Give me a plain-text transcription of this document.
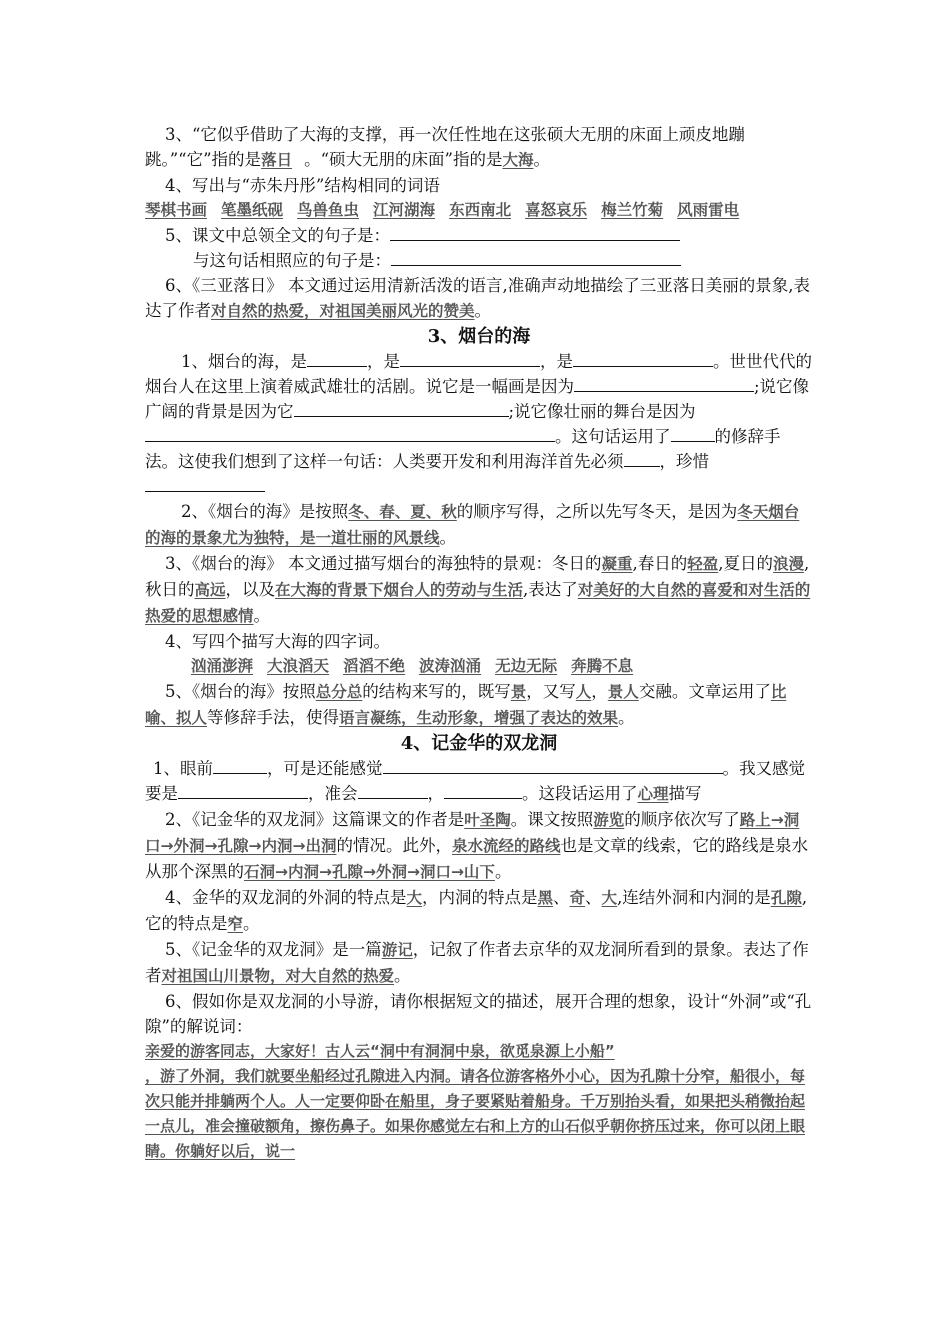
3、“它似乎借助了大海的支撑，再一次任性地在这张硕大无朋的床面上顽皮地蹦跳。”“它”指的是落日 。“硕大无朋的床面”指的是大海。

4、写出与“赤朱丹彤”结构相同的词语

琴棋书画 笔墨纸砚 鸟兽鱼虫 江河湖海 东西南北 喜怒哀乐 梅兰竹菊 风雨雷电

5、课文中总领全文的句子是：

与这句话相照应的句子是：

6、《三亚落日》 本文通过运用清新活泼的语言,准确声动地描绘了三亚落日美丽的景象,表达了作者对自然的热爱，对祖国美丽风光的赞美。

3、烟台的海

1、烟台的海，是	，是	，是	。世世代代的烟台人在这里上演着威武雄壮的活剧。说它是一幅画是因为	;说它像广阔的背景是因为它	;说它像壮丽的舞台是因为。这句话运用了	的修辞手法。这使我们想到了这样一句话：人类要开发和利用海洋首先必须 ，珍惜

2、《烟台的海》是按照冬、春、夏、秋的顺序写得，之所以先写冬天，是因为冬天烟台的海的景象尤为独特，是一道壮丽的风景线。

3、《烟台的海》 本文通过描写烟台的海独特的景观：冬日的凝重,春日的轻盈,夏日的浪漫,秋日的高远，以及在大海的背景下烟台人的劳动与生活,表达了对美好的大自然的喜爱和对生活的热爱的思想感情。

4、写四个描写大海的四字词。

汹涌澎湃 大浪滔天 滔滔不绝 波涛汹涌 无边无际 奔腾不息

5、《烟台的海》按照总分总的结构来写的，既写景，又写人，景人交融。文章运用了比喻、拟人等修辞手法，使得语言凝练，生动形象，增强了表达的效果。

4、记金华的双龙洞

1、眼前	，可是还能感觉	。我又感觉要是	，准会	，	。这段话运用了心理描写

2、《记金华的双龙洞》这篇课文的作者是叶圣陶。课文按照游览的顺序依次写了路上→洞口→外洞→孔隙→内洞→出洞的情况。此外，泉水流经的路线也是文章的线索，它的路线是泉水从那个深黑的石洞→内洞→孔隙→外洞→洞口→山下。

4、金华的双龙洞的外洞的特点是大，内洞的特点是黑、奇、大,连结外洞和内洞的是孔隙,它的特点是窄。

5、《记金华的双龙洞》是一篇游记，记叙了作者去京华的双龙洞所看到的景象。表达了作者对祖国山川景物，对大自然的热爱。

6、假如你是双龙洞的小导游，请你根据短文的描述，展开合理的想象，设计“外洞”或“孔隙”的解说词：

亲爱的游客同志，大家好！古人云“洞中有洞洞中泉，欲觅泉源上小船”

，游了外洞，我们就要坐船经过孔隙进入内洞。请各位游客格外小心，因为孔隙十分窄，船很小，每次只能并排躺两个人。人一定要仰卧在船里，身子要紧贴着船身。千万别抬头看，如果把头稍微抬起一点儿，准会撞破额角，擦伤鼻子。如果你感觉左右和上方的山石似乎朝你挤压过来，你可以闭上眼睛。你躺好以后，说一
